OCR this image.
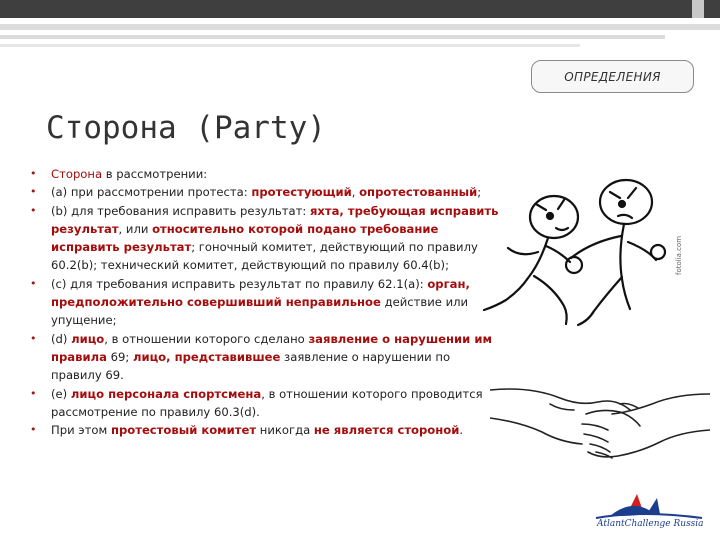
ОПРЕДЕЛЕНИЯ
Сторона (Party)
• Сторона в рассмотрении:
• (a) при рассмотрении протеста: протестующий, опротестованный;
• (b) для требования исправить результат: яхта, требующая исправить результат, или относительно которой подано требование исправить результат; гоночный комитет, действующий по правилу 60.2(b); технический комитет, действующий по правилу 60.4(b);
• (c) для требования исправить результат по правилу 62.1(a): орган, предположительно совершивший неправильное действие или упущение;
• (d) лицо, в отношении которого сделано заявление о нарушении им правила 69; лицо, представившее заявление о нарушении по правилу 69.
• (e) лицо персонала спортсмена, в отношении которого проводится рассмотрение по правилу 60.3(d).
• При этом протестовый комитет никогда не является стороной.
fotolia.com
AtlantChallenge Russia
